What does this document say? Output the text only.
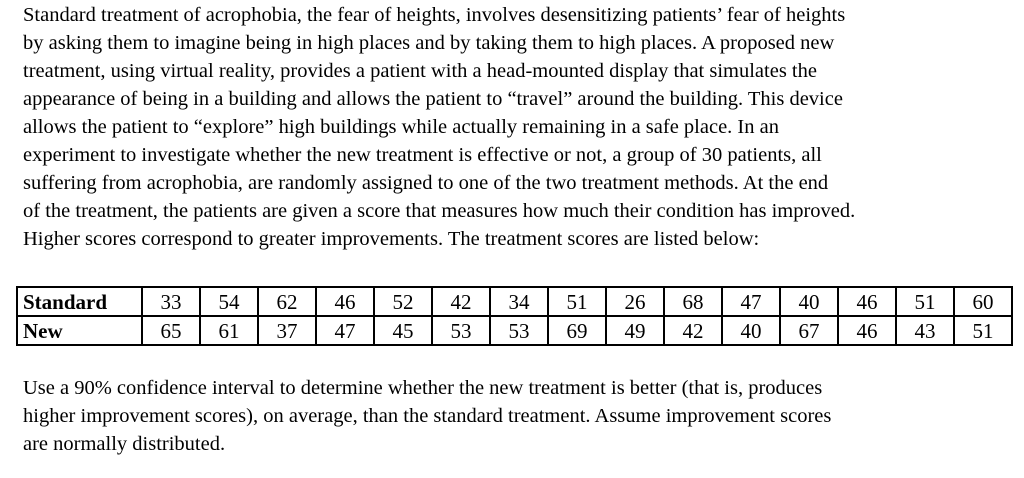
Standard treatment of acrophobia, the fear of heights, involves desensitizing patients’ fear of heights
by asking them to imagine being in high places and by taking them to high places. A proposed new
treatment, using virtual reality, provides a patient with a head-mounted display that simulates the
appearance of being in a building and allows the patient to “travel” around the building. This device
allows the patient to “explore” high buildings while actually remaining in a safe place. In an
experiment to investigate whether the new treatment is effective or not, a group of 30 patients, all
suffering from acrophobia, are randomly assigned to one of the two treatment methods. At the end
of the treatment, the patients are given a score that measures how much their condition has improved.
Higher scores correspond to greater improvements. The treatment scores are listed below:
Standard	33	54	62	46	52	42	34	51	26	68	47	40	46	51	60
New	65	61	37	47	45	53	53	69	49	42	40	67	46	43	51
Use a 90% confidence interval to determine whether the new treatment is better (that is, produces
higher improvement scores), on average, than the standard treatment. Assume improvement scores
are normally distributed.
